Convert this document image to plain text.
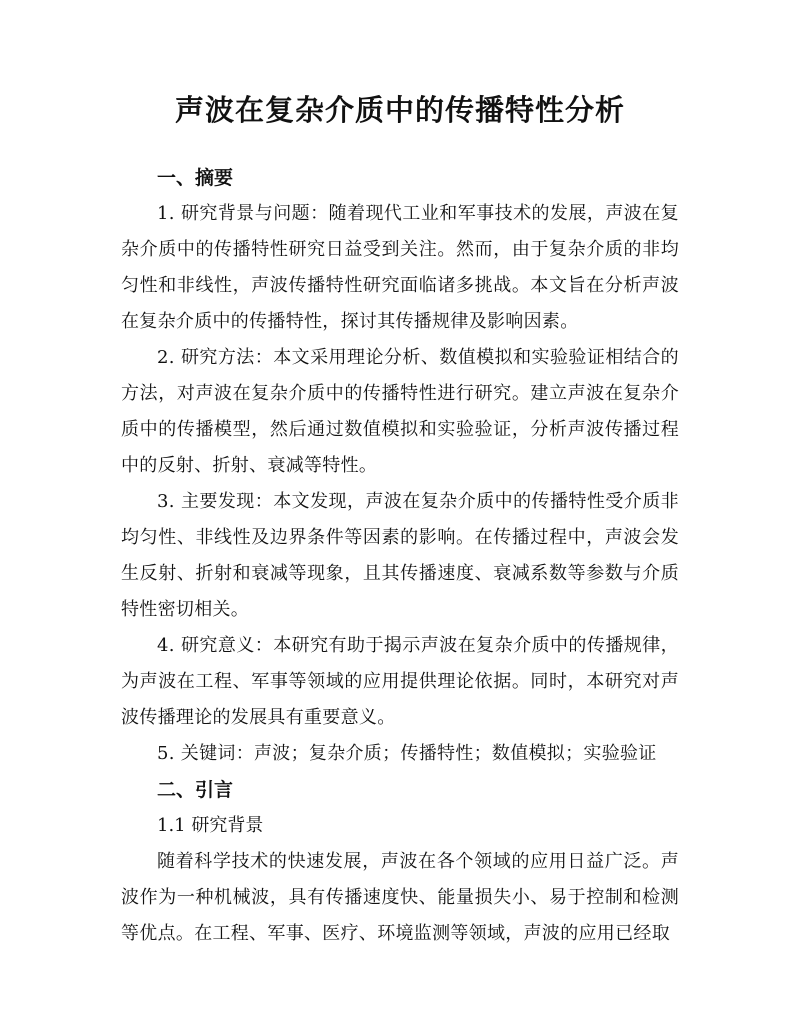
声波在复杂介质中的传播特性分析
一、摘要
1. 研究背景与问题：随着现代工业和军事技术的发展，声波在复杂介质中的传播特性研究日益受到关注。然而，由于复杂介质的非均匀性和非线性，声波传播特性研究面临诸多挑战。本文旨在分析声波在复杂介质中的传播特性，探讨其传播规律及影响因素。
2. 研究方法：本文采用理论分析、数值模拟和实验验证相结合的方法，对声波在复杂介质中的传播特性进行研究。建立声波在复杂介质中的传播模型，然后通过数值模拟和实验验证，分析声波传播过程中的反射、折射、衰减等特性。
3. 主要发现：本文发现，声波在复杂介质中的传播特性受介质非均匀性、非线性及边界条件等因素的影响。在传播过程中，声波会发生反射、折射和衰减等现象，且其传播速度、衰减系数等参数与介质特性密切相关。
4. 研究意义：本研究有助于揭示声波在复杂介质中的传播规律，为声波在工程、军事等领域的应用提供理论依据。同时，本研究对声波传播理论的发展具有重要意义。
5. 关键词：声波；复杂介质；传播特性；数值模拟；实验验证
二、引言
1.1 研究背景
随着科学技术的快速发展，声波在各个领域的应用日益广泛。声波作为一种机械波，具有传播速度快、能量损失小、易于控制和检测等优点。在工程、军事、医疗、环境监测等领域，声波的应用已经取
